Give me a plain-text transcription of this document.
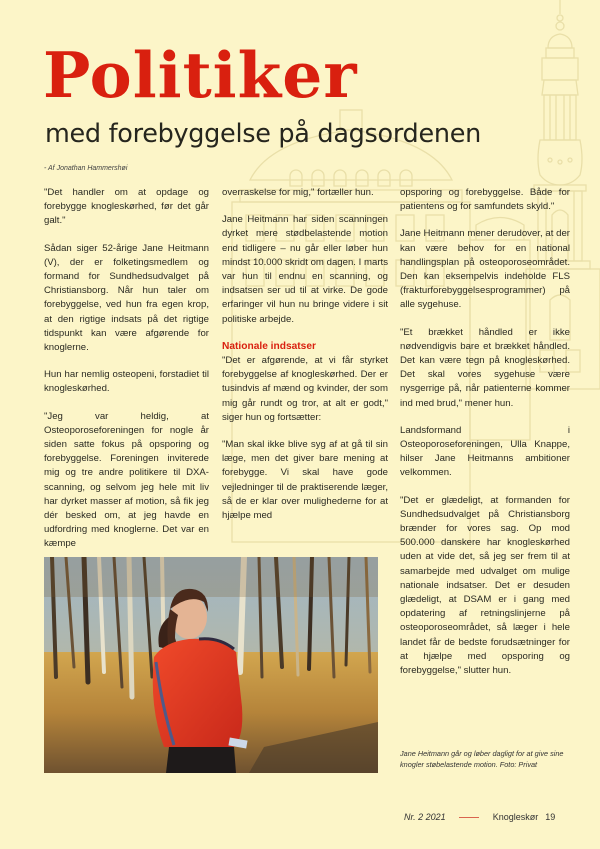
Politiker
med forebyggelse på dagsordenen
- Af Jonathan Hammershøi

"Det handler om at opdage og forebygge knogleskørhed, før det går galt."

Sådan siger 52-årige Jane Heitmann (V), der er folketingsmedlem og formand for Sundhedsudvalget på Christiansborg. Når hun taler om forebyggelse, ved hun fra egen krop, at den rigtige indsats på det rigtige tidspunkt kan være afgørende for knoglerne.

Hun har nemlig osteopeni, forstadiet til knogleskørhed.

"Jeg var heldig, at Osteoporoseforeningen for nogle år siden satte fokus på opsporing og forebyggelse. Foreningen inviterede mig og tre andre politikere til DXA-scanning, og selvom jeg hele mit liv har dyrket masser af motion, så fik jeg dér besked om, at jeg havde en udfordring med knoglerne. Det var en kæmpe

overraskelse for mig," fortæller hun.

Jane Heitmann har siden scanningen dyrket mere stødbelastende motion end tidligere – nu går eller løber hun mindst 10.000 skridt om dagen. I marts var hun til endnu en scanning, og indsatsen ser ud til at virke. De gode erfaringer vil hun nu bringe videre i sit politiske arbejde.

Nationale indsatser

"Det er afgørende, at vi får styrket forebyggelse af knogleskørhed. Der er tusindvis af mænd og kvinder, der som mig går rundt og tror, at alt er godt," siger hun og fortsætter:

"Man skal ikke blive syg af at gå til sin læge, men det giver bare mening at forebygge. Vi skal have gode vejledninger til de praktiserende læger, så de er klar over mulighederne for at hjælpe med

opsporing og forebyggelse. Både for patientens og for samfundets skyld."

Jane Heitmann mener derudover, at der kan være behov for en national handlingsplan på osteoporoseområdet. Den kan eksempelvis indeholde FLS (frakturforebyggelsesprogrammer) på alle sygehuse.

"Et brækket håndled er ikke nødvendigvis bare et brækket håndled. Det kan være tegn på knogleskørhed. Det skal vores sygehuse være nysgerrige på, når patienterne kommer ind med brud," mener hun.

Landsformand i Osteoporoseforeningen, Ulla Knappe, hilser Jane Heitmanns ambitioner velkommen.

"Det er glædeligt, at formanden for Sundhedsudvalget på Christiansborg brænder for vores sag. Op mod 500.000 danskere har knogleskørhed uden at vide det, så jeg ser frem til at samarbejde med udvalget om mulige nationale indsatser. Det er desuden glædeligt, at DSAM er i gang med opdatering af retningslinjerne på osteoporoseområdet, så læger i hele landet får de bedste forudsætninger for at hjælpe med opsporing og forebyggelse," slutter hun.

Jane Heitmann går og løber dagligt for at give sine knogler støbelastende motion. Foto: Privat
Nr. 2 2021	Knogleskør 19
